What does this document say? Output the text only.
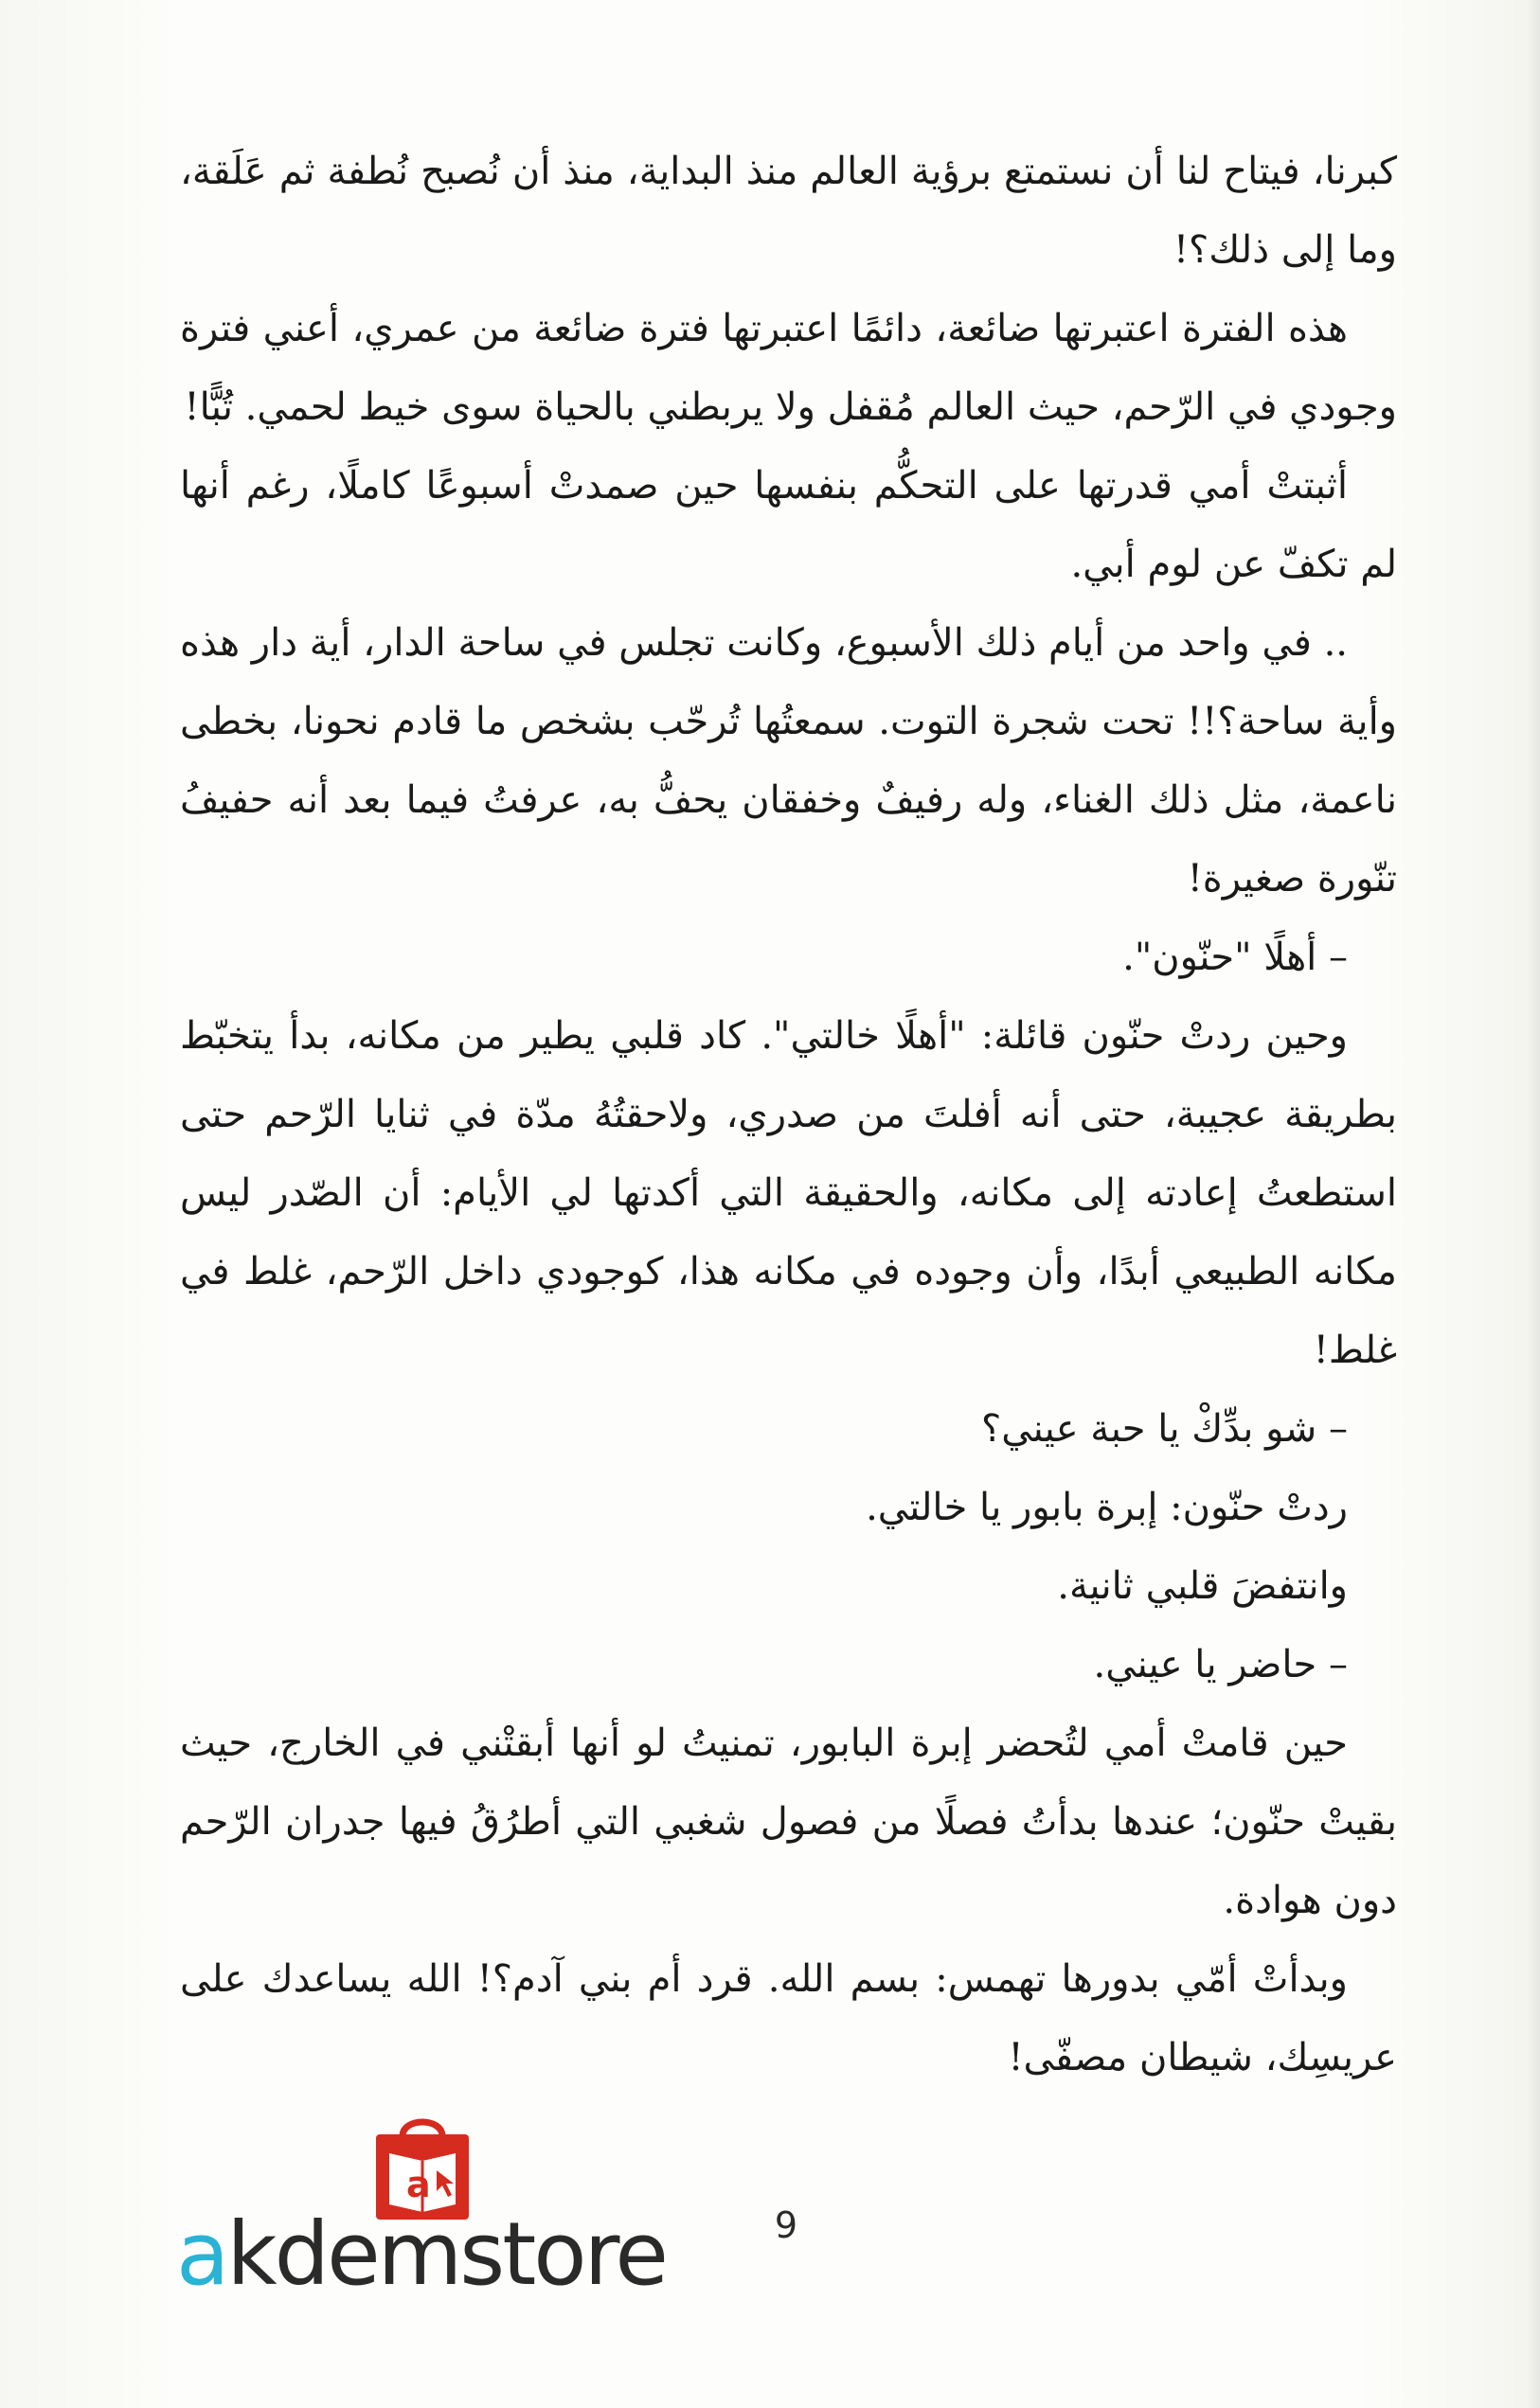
كبرنا، فيتاح لنا أن نستمتع برؤية العالم منذ البداية، منذ أن نُصبح نُطفة ثم عَلَقة، وما إلى ذلك؟!

هذه الفترة اعتبرتها ضائعة، دائمًا اعتبرتها فترة ضائعة من عمري، أعني فترة وجودي في الرّحم، حيث العالم مُقفل ولا يربطني بالحياة سوى خيط لحمي. تُبًّا!

أثبتتْ أمي قدرتها على التحكُّم بنفسها حين صمدتْ أسبوعًا كاملًا، رغم أنها لم تكفّ عن لوم أبي.

.. في واحد من أيام ذلك الأسبوع، وكانت تجلس في ساحة الدار، أية دار هذه وأية ساحة؟!! تحت شجرة التوت. سمعتُها تُرحّب بشخص ما قادم نحونا، بخطى ناعمة، مثل ذلك الغناء، وله رفيفٌ وخفقان يحفُّ به، عرفتُ فيما بعد أنه حفيفُ تنّورة صغيرة!

– أهلًا "حنّون".

وحين ردتْ حنّون قائلة: "أهلًا خالتي". كاد قلبي يطير من مكانه، بدأ يتخبّط بطريقة عجيبة، حتى أنه أفلتَ من صدري، ولاحقتُهُ مدّة في ثنايا الرّحم حتى استطعتُ إعادته إلى مكانه، والحقيقة التي أكدتها لي الأيام: أن الصّدر ليس مكانه الطبيعي أبدًا، وأن وجوده في مكانه هذا، كوجودي داخل الرّحم، غلط في غلط!

– شو بدِّكْ يا حبة عيني؟

ردتْ حنّون: إبرة بابور يا خالتي.

وانتفضَ قلبي ثانية.

– حاضر يا عيني.

حين قامتْ أمي لتُحضر إبرة البابور، تمنيتُ لو أنها أبقتْني في الخارج، حيث بقيتْ حنّون؛ عندها بدأتُ فصلًا من فصول شغبي التي أطرُقُ فيها جدران الرّحم دون هوادة.

وبدأتْ أمّي بدورها تهمس: بسم الله. قرد أم بني آدم؟! الله يساعدك على عريسِك، شيطان مصفّى!

a
akdemstore	9
